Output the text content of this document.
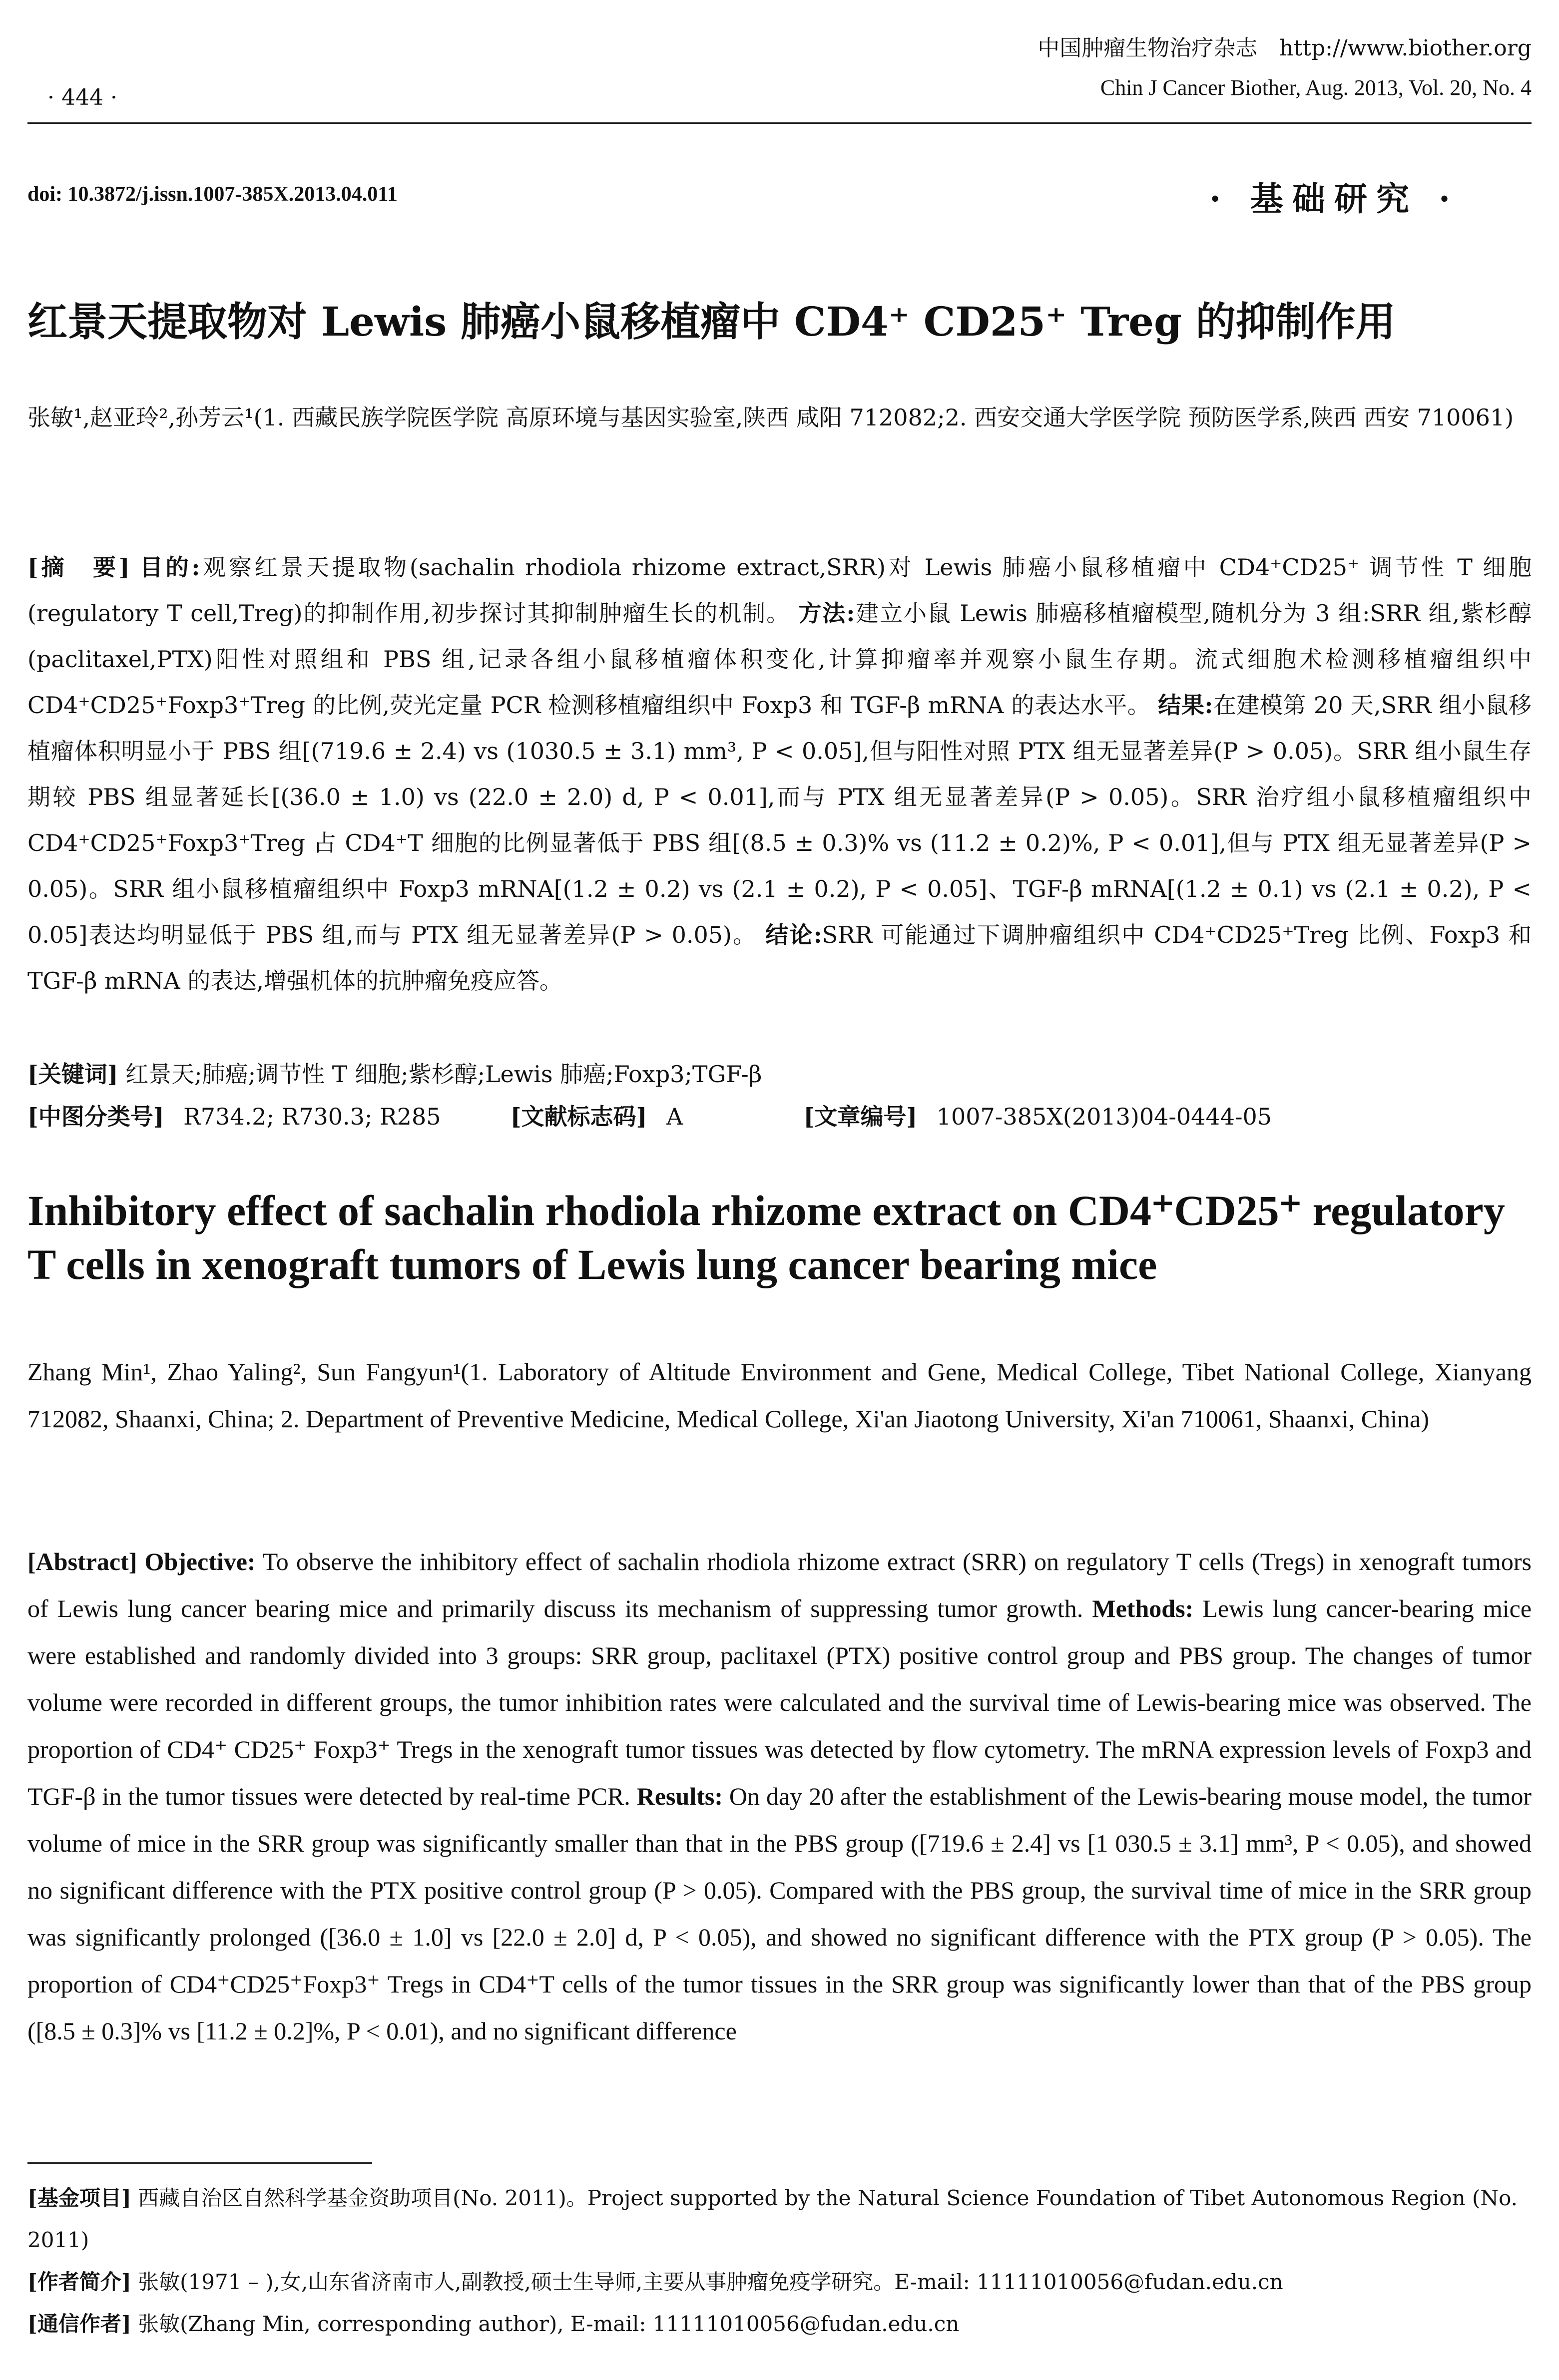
· 444 ·
中国肿瘤生物治疗杂志　http://www.biother.org
Chin J Cancer Biother, Aug. 2013, Vol. 20, No. 4
doi: 10.3872/j.issn.1007-385X.2013.04.011	· 基础研究 ·
红景天提取物对 Lewis 肺癌小鼠移植瘤中 CD4⁺ CD25⁺ Treg 的抑制作用
张敏¹,赵亚玲²,孙芳云¹(1. 西藏民族学院医学院 高原环境与基因实验室,陕西 咸阳 712082;2. 西安交通大学医学院 预防医学系,陕西 西安 710061)
[摘　要] 目的:观察红景天提取物(sachalin rhodiola rhizome extract,SRR)对 Lewis 肺癌小鼠移植瘤中 CD4⁺CD25⁺ 调节性 T 细胞(regulatory T cell,Treg)的抑制作用,初步探讨其抑制肿瘤生长的机制。 方法:建立小鼠 Lewis 肺癌移植瘤模型,随机分为 3 组:SRR 组,紫杉醇(paclitaxel,PTX)阳性对照组和 PBS 组,记录各组小鼠移植瘤体积变化,计算抑瘤率并观察小鼠生存期。流式细胞术检测移植瘤组织中 CD4⁺CD25⁺Foxp3⁺Treg 的比例,荧光定量 PCR 检测移植瘤组织中 Foxp3 和 TGF-β mRNA 的表达水平。 结果:在建模第 20 天,SRR 组小鼠移植瘤体积明显小于 PBS 组[(719.6 ± 2.4) vs (1030.5 ± 3.1) mm³, P < 0.05],但与阳性对照 PTX 组无显著差异(P > 0.05)。SRR 组小鼠生存期较 PBS 组显著延长[(36.0 ± 1.0) vs (22.0 ± 2.0) d, P < 0.01],而与 PTX 组无显著差异(P > 0.05)。SRR 治疗组小鼠移植瘤组织中 CD4⁺CD25⁺Foxp3⁺Treg 占 CD4⁺T 细胞的比例显著低于 PBS 组[(8.5 ± 0.3)% vs (11.2 ± 0.2)%, P < 0.01],但与 PTX 组无显著差异(P > 0.05)。SRR 组小鼠移植瘤组织中 Foxp3 mRNA[(1.2 ± 0.2) vs (2.1 ± 0.2), P < 0.05]、TGF-β mRNA[(1.2 ± 0.1) vs (2.1 ± 0.2), P < 0.05]表达均明显低于 PBS 组,而与 PTX 组无显著差异(P > 0.05)。 结论:SRR 可能通过下调肿瘤组织中 CD4⁺CD25⁺Treg 比例、Foxp3 和 TGF-β mRNA 的表达,增强机体的抗肿瘤免疫应答。
[关键词] 红景天;肺癌;调节性 T 细胞;紫杉醇;Lewis 肺癌;Foxp3;TGF-β
[中图分类号] R734.2; R730.3; R285	[文献标志码] A	[文章编号] 1007-385X(2013)04-0444-05
Inhibitory effect of sachalin rhodiola rhizome extract on CD4⁺CD25⁺ regulatory T cells in xenograft tumors of Lewis lung cancer bearing mice
Zhang Min¹, Zhao Yaling², Sun Fangyun¹(1. Laboratory of Altitude Environment and Gene, Medical College, Tibet National College, Xianyang 712082, Shaanxi, China; 2. Department of Preventive Medicine, Medical College, Xi'an Jiaotong University, Xi'an 710061, Shaanxi, China)
[Abstract] Objective: To observe the inhibitory effect of sachalin rhodiola rhizome extract (SRR) on regulatory T cells (Tregs) in xenograft tumors of Lewis lung cancer bearing mice and primarily discuss its mechanism of suppressing tumor growth. Methods: Lewis lung cancer-bearing mice were established and randomly divided into 3 groups: SRR group, paclitaxel (PTX) positive control group and PBS group. The changes of tumor volume were recorded in different groups, the tumor inhibition rates were calculated and the survival time of Lewis-bearing mice was observed. The proportion of CD4⁺ CD25⁺ Foxp3⁺ Tregs in the xenograft tumor tissues was detected by flow cytometry. The mRNA expression levels of Foxp3 and TGF-β in the tumor tissues were detected by real-time PCR. Results: On day 20 after the establishment of the Lewis-bearing mouse model, the tumor volume of mice in the SRR group was significantly smaller than that in the PBS group ([719.6 ± 2.4] vs [1 030.5 ± 3.1] mm³, P < 0.05), and showed no significant difference with the PTX positive control group (P > 0.05). Compared with the PBS group, the survival time of mice in the SRR group was significantly prolonged ([36.0 ± 1.0] vs [22.0 ± 2.0] d, P < 0.05), and showed no significant difference with the PTX group (P > 0.05). The proportion of CD4⁺CD25⁺Foxp3⁺ Tregs in CD4⁺T cells of the tumor tissues in the SRR group was significantly lower than that of the PBS group ([8.5 ± 0.3]% vs [11.2 ± 0.2]%, P < 0.01), and no significant difference

[基金项目] 西藏自治区自然科学基金资助项目(No. 2011)。Project supported by the Natural Science Foundation of Tibet Autonomous Region (No. 2011)

[作者简介] 张敏(1971 – ),女,山东省济南市人,副教授,硕士生导师,主要从事肿瘤免疫学研究。E-mail: 11111010056@fudan.edu.cn

[通信作者] 张敏(Zhang Min, corresponding author), E-mail: 11111010056@fudan.edu.cn
